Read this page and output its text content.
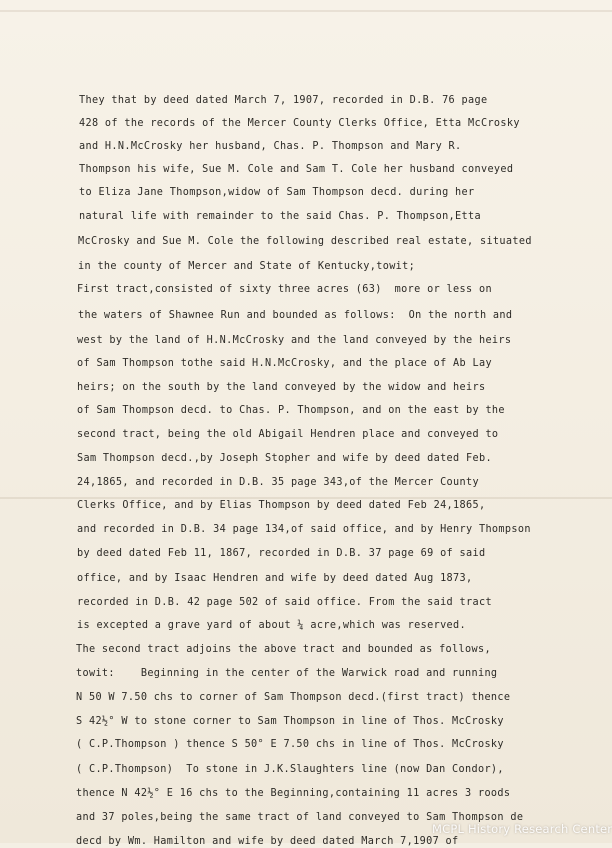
They that by deed dated March 7, 1907, recorded in D.B. 76 page
428 of the records of the Mercer County Clerks Office, Etta McCrosky
and H.N.McCrosky her husband, Chas. P. Thompson and Mary R.
Thompson his wife, Sue M. Cole and Sam T. Cole her husband conveyed
to Eliza Jane Thompson,widow of Sam Thompson decd. during her
natural life with remainder to the said Chas. P. Thompson,Etta
McCrosky and Sue M. Cole the following described real estate, situated
in the county of Mercer and State of Kentucky,towit;
First tract,consisted of sixty three acres (63)  more or less on
the waters of Shawnee Run and bounded as follows:  On the north and
west by the land of H.N.McCrosky and the land conveyed by the heirs
of Sam Thompson tothe said H.N.McCrosky, and the place of Ab Lay
heirs; on the south by the land conveyed by the widow and heirs
of Sam Thompson decd. to Chas. P. Thompson, and on the east by the
second tract, being the old Abigail Hendren place and conveyed to
Sam Thompson decd.,by Joseph Stopher and wife by deed dated Feb.
24,1865, and recorded in D.B. 35 page 343,of the Mercer County
Clerks Office, and by Elias Thompson by deed dated Feb 24,1865,
and recorded in D.B. 34 page 134,of said office, and by Henry Thompson
by deed dated Feb 11, 1867, recorded in D.B. 37 page 69 of said
office, and by Isaac Hendren and wife by deed dated Aug 1873,
recorded in D.B. 42 page 502 of said office. From the said tract
is excepted a grave yard of about ¼ acre,which was reserved.
The second tract adjoins the above tract and bounded as follows,
towit:    Beginning in the center of the Warwick road and running
N 50 W 7.50 chs to corner of Sam Thompson decd.(first tract) thence
S 42½° W to stone corner to Sam Thompson in line of Thos. McCrosky
( C.P.Thompson ) thence S 50° E 7.50 chs in line of Thos. McCrosky
( C.P.Thompson)  To stone in J.K.Slaughters line (now Dan Condor),
thence N 42½° E 16 chs to the Beginning,containing 11 acres 3 roods
and 37 poles,being the same tract of land conveyed to Sam Thompson de
decd by Wm. Hamilton and wife by deed dated March 7,1907 of
MCPL History Research Center
